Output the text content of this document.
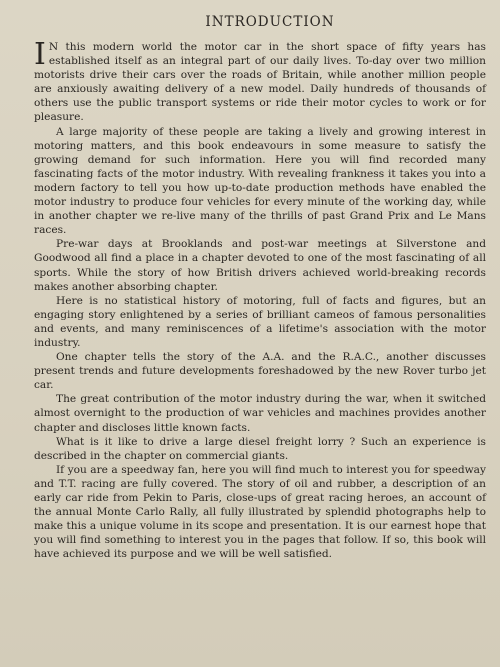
INTRODUCTION

I N this modern world the motor car in the short space of fifty years has established itself as an integral part of our daily lives. To-day over two million motorists drive their cars over the roads of Britain, while another million people are anxiously awaiting delivery of a new model. Daily hundreds of thousands of others use the public transport systems or ride their motor cycles to work or for pleasure.

A large majority of these people are taking a lively and growing interest in motoring matters, and this book endeavours in some measure to satisfy the growing demand for such information. Here you will find recorded many fascinating facts of the motor industry. With revealing frankness it takes you into a modern factory to tell you how up-to-date production methods have enabled the motor industry to produce four vehicles for every minute of the working day, while in another chapter we re-live many of the thrills of past Grand Prix and Le Mans races.

Pre-war days at Brooklands and post-war meetings at Silverstone and Goodwood all find a place in a chapter devoted to one of the most fascinating of all sports. While the story of how British drivers achieved world-breaking records makes another absorbing chapter.

Here is no statistical history of motoring, full of facts and figures, but an engaging story enlightened by a series of brilliant cameos of famous personalities and events, and many reminiscences of a lifetime's association with the motor industry.

One chapter tells the story of the A.A. and the R.A.C., another discusses present trends and future developments foreshadowed by the new Rover turbo jet car.

The great contribution of the motor industry during the war, when it switched almost overnight to the production of war vehicles and machines provides another chapter and discloses little known facts.

What is it like to drive a large diesel freight lorry ? Such an experience is described in the chapter on commercial giants.

If you are a speedway fan, here you will find much to interest you for speedway and T.T. racing are fully covered. The story of oil and rubber, a description of an early car ride from Pekin to Paris, close-ups of great racing heroes, an account of the annual Monte Carlo Rally, all fully illustrated by splendid photographs help to make this a unique volume in its scope and presentation. It is our earnest hope that you will find something to interest you in the pages that follow. If so, this book will have achieved its purpose and we will be well satisfied.
